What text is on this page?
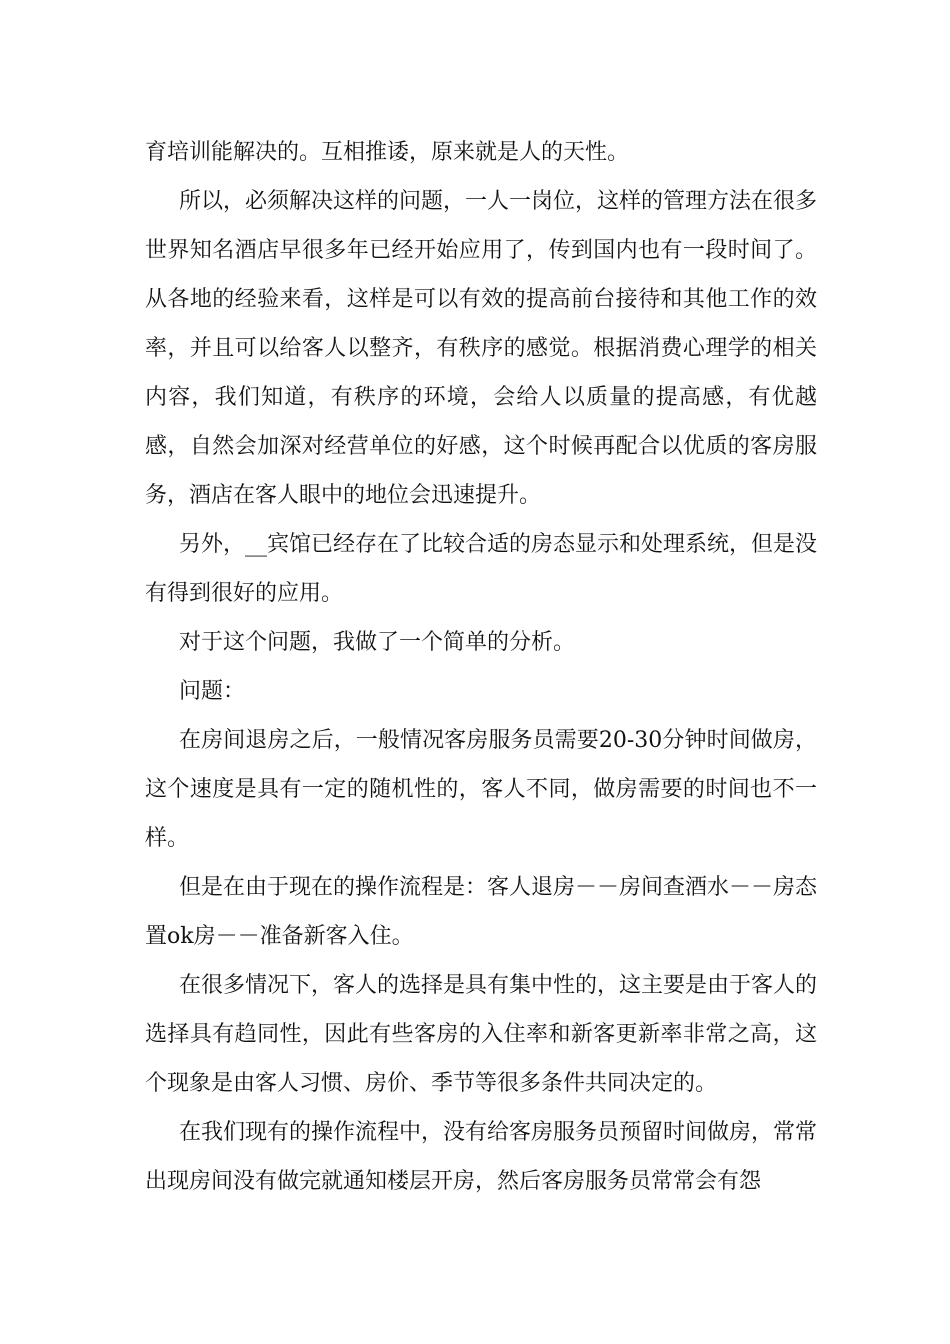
育培训能解决的。互相推诿，原来就是人的天性。

所以，必须解决这样的问题，一人一岗位，这样的管理方法在很多世界知名酒店早很多年已经开始应用了，传到国内也有一段时间了。从各地的经验来看，这样是可以有效的提高前台接待和其他工作的效率，并且可以给客人以整齐，有秩序的感觉。根据消费心理学的相关内容，我们知道，有秩序的环境，会给人以质量的提高感，有优越感，自然会加深对经营单位的好感，这个时候再配合以优质的客房服务，酒店在客人眼中的地位会迅速提升。

另外，__宾馆已经存在了比较合适的房态显示和处理系统，但是没有得到很好的应用。

对于这个问题，我做了一个简单的分析。

问题：

在房间退房之后，一般情况客房服务员需要20-30分钟时间做房，这个速度是具有一定的随机性的，客人不同，做房需要的时间也不一样。

但是在由于现在的操作流程是：客人退房－－房间查酒水－－房态置ok房－－准备新客入住。

在很多情况下，客人的选择是具有集中性的，这主要是由于客人的选择具有趋同性，因此有些客房的入住率和新客更新率非常之高，这个现象是由客人习惯、房价、季节等很多条件共同决定的。

在我们现有的操作流程中，没有给客房服务员预留时间做房，常常出现房间没有做完就通知楼层开房，然后客房服务员常常会有怨
